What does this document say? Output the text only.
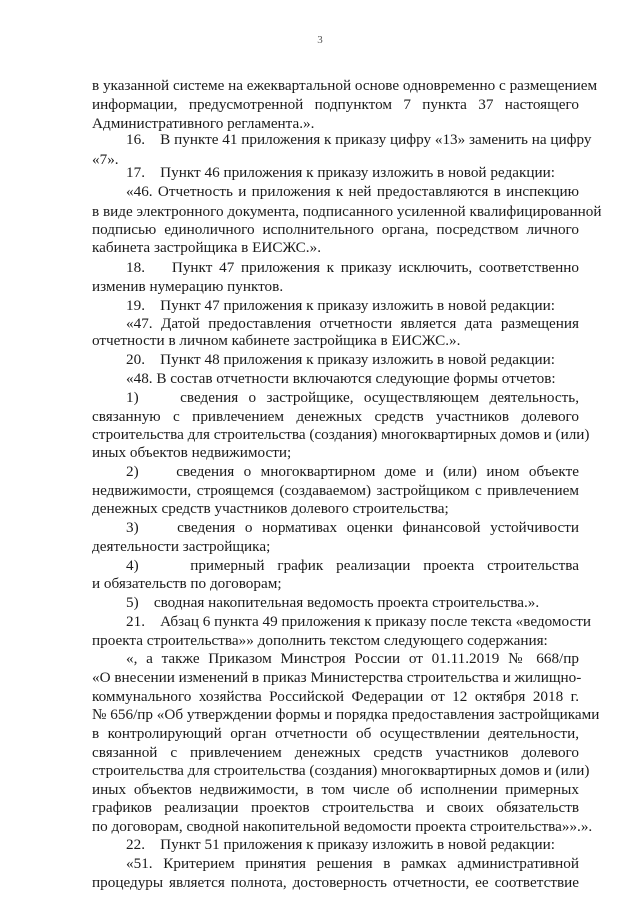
3

в указанной системе на ежеквартальной основе одновременно с размещением

информации, предусмотренной подпунктом 7 пункта 37 настоящего

Административного регламента.».

16.    В пункте 41 приложения к приказу цифру «13» заменить на цифру

«7».

17.    Пункт 46 приложения к приказу изложить в новой редакции:

«46. Отчетность и приложения к ней предоставляются в инспекцию

в виде электронного документа, подписанного усиленной квалифицированной

подписью единоличного исполнительного органа, посредством личного

кабинета застройщика в ЕИСЖС.».

18.    Пункт 47 приложения к приказу исключить, соответственно

изменив нумерацию пунктов.

19.    Пункт 47 приложения к приказу изложить в новой редакции:

«47. Датой предоставления отчетности является дата размещения

отчетности в личном кабинете застройщика в ЕИСЖС.».

20.    Пункт 48 приложения к приказу изложить в новой редакции:

«48. В состав отчетности включаются следующие формы отчетов:

1)    сведения о застройщике, осуществляющем деятельность,

связанную с привлечением денежных средств участников долевого

строительства для строительства (создания) многоквартирных домов и (или)

иных объектов недвижимости;

2)    сведения о многоквартирном доме и (или) ином объекте

недвижимости, строящемся (создаваемом) застройщиком с привлечением

денежных средств участников долевого строительства;

3)    сведения о нормативах оценки финансовой устойчивости

деятельности застройщика;

4)    примерный график реализации проекта строительства

и обязательств по договорам;

5)    сводная накопительная ведомость проекта строительства.».

21.    Абзац 6 пункта 49 приложения к приказу после текста «ведомости

проекта строительства»» дополнить текстом следующего содержания:

«, а также Приказом Минстроя России от 01.11.2019 № 668/пр

«О внесении изменений в приказ Министерства строительства и жилищно-

коммунального хозяйства Российской Федерации от 12 октября 2018 г.

№ 656/пр «Об утверждении формы и порядка предоставления застройщиками

в контролирующий орган отчетности об осуществлении деятельности,

связанной с привлечением денежных средств участников долевого

строительства для строительства (создания) многоквартирных домов и (или)

иных объектов недвижимости, в том числе об исполнении примерных

графиков реализации проектов строительства и своих обязательств

по договорам, сводной накопительной ведомости проекта строительства»».».

22.    Пункт 51 приложения к приказу изложить в новой редакции:

«51. Критерием принятия решения в рамках административной

процедуры является полнота, достоверность отчетности, ее соответствие
